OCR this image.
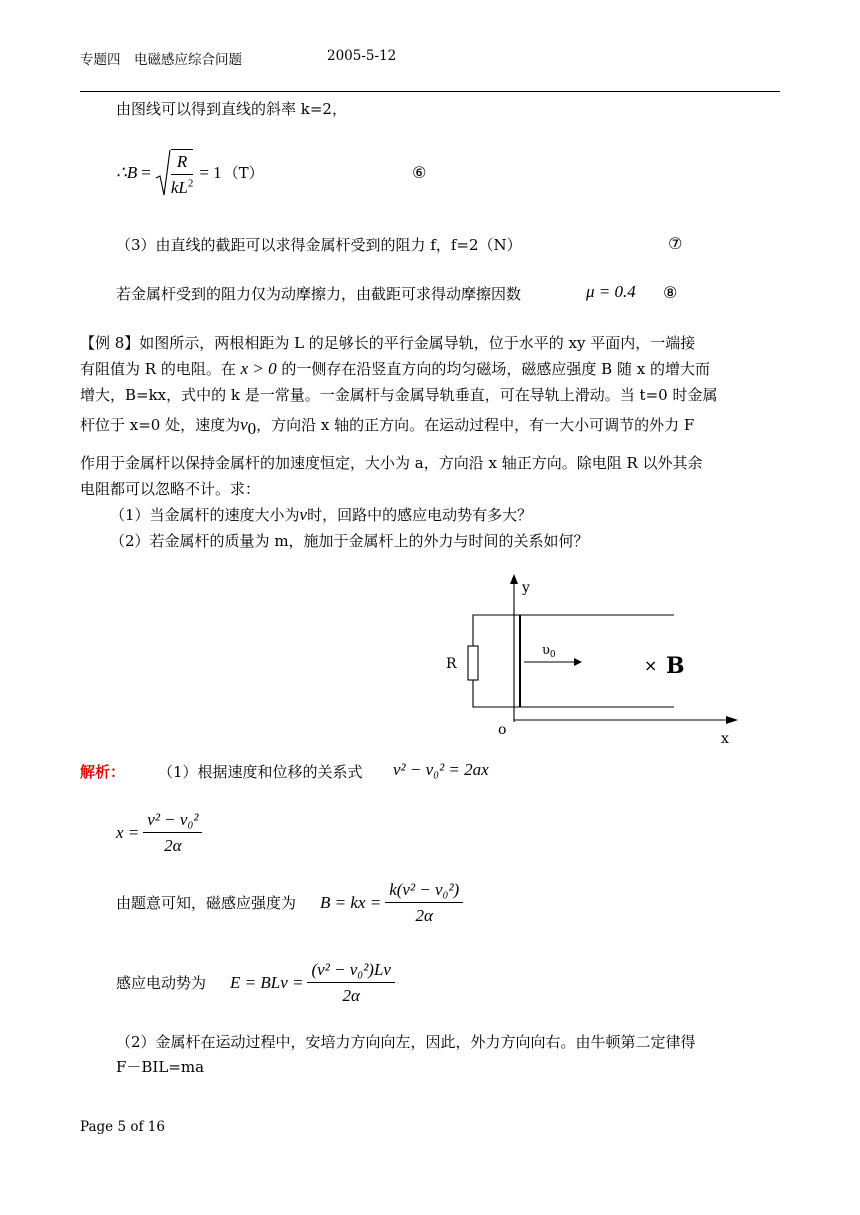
专题四　电磁感应综合问题	2005-5-12
由图线可以得到直线的斜率 k=2，
∴ $B = \frac{R}{kL^2} = 1$ （T）	⑥
（3）由直线的截距可以求得金属杆受到的阻力 f，f=2（N）	⑦
若金属杆受到的阻力仅为动摩擦力，由截距可求得动摩擦因数	μ = 0.4 ⑧
【例 8】如图所示，两根相距为 L 的足够长的平行金属导轨，位于水平的 xy 平面内，一端接
有阻值为 R 的电阻。在 x > 0 的一侧存在沿竖直方向的均匀磁场，磁感应强度 B 随 x 的增大而
增大，B=kx，式中的 k 是一常量。一金属杆与金属导轨垂直，可在导轨上滑动。当 t=0 时金属
杆位于 x=0 处，速度为$v_0$，方向沿 x 轴的正方向。在运动过程中，有一大小可调节的外力 F
作用于金属杆以保持金属杆的加速度恒定，大小为 a，方向沿 x 轴正方向。除电阻 R 以外其余
电阻都可以忽略不计。求：
（1）当金属杆的速度大小为v时，回路中的感应电动势有多大？
（2）若金属杆的质量为 m，施加于金属杆上的外力与时间的关系如何？
y
x
o
R
$\upsilon_0$
× B
解析： （1）根据速度和位移的关系式 v² − v₀² = 2ax
$x = \frac{\text{v² − v₀²}}{2\alpha}$
由题意可知，磁感应强度为 B = kx = $\frac{\text{k(v² − v₀²)}}{2\alpha}$
感应电动势为 E = BLv = $\frac{\text{(v² − v₀²)Lv}}{2\alpha}$
（2）金属杆在运动过程中，安培力方向向左，因此，外力方向向右。由牛顿第二定律得
F－BIL=ma
Page 5 of 16
